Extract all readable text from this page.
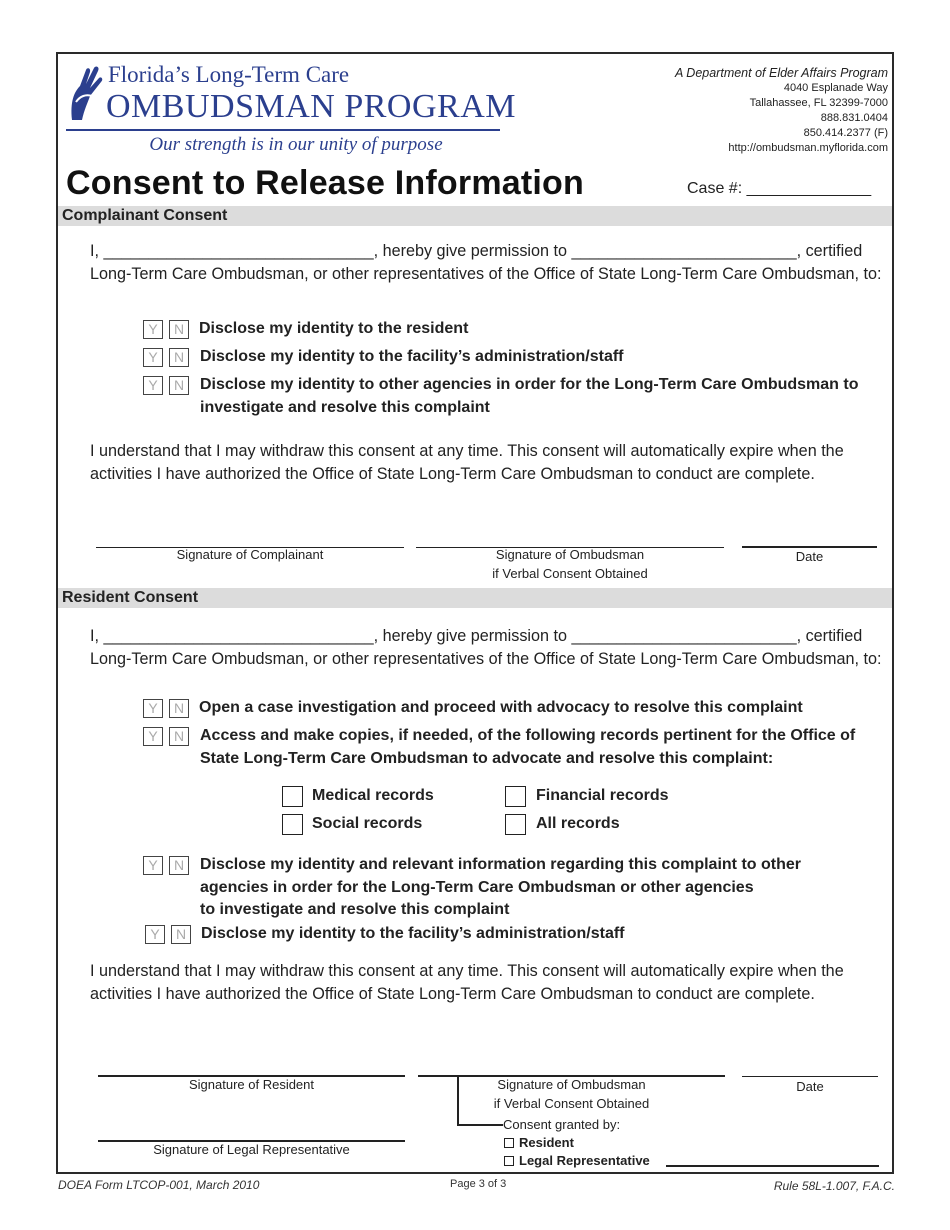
Florida’s Long-Term Care
OMBUDSMAN PROGRAM
Our strength is in our unity of purpose
A Department of Elder Affairs Program
4040 Esplanade Way
Tallahassee, FL 32399-7000
888.831.0404
850.414.2377 (F)
http://ombudsman.myflorida.com
Consent to Release Information	Case #: ______________
Complainant Consent
I, ______________________________, hereby give permission to _________________________, certified Long-Term Care Ombudsman, or other representatives of the Office of State Long-Term Care Ombudsman, to:
Y	N Disclose my identity to the resident
Y	N Disclose my identity to the facility’s administration/staff
Y	N Disclose my identity to other agencies in order for the Long-Term Care Ombudsman to investigate and resolve this complaint
I understand that I may withdraw this consent at any time. This consent will automatically expire when the activities I have authorized the Office of State Long-Term Care Ombudsman to conduct are complete.
Signature of Complainant	Signature of Ombudsman
if Verbal Consent Obtained
Date
Resident Consent
I, ______________________________, hereby give permission to _________________________, certified Long-Term Care Ombudsman, or other representatives of the Office of State Long-Term Care Ombudsman, to:
Y	N Open a case investigation and proceed with advocacy to resolve this complaint
Y	N Access and make copies, if needed, of the following records pertinent for the Office of State Long-Term Care Ombudsman to advocate and resolve this complaint:
Medical records	Financial records
Social records	All records
Y	N Disclose my identity and relevant information regarding this complaint to other
agencies in order for the Long-Term Care Ombudsman or other agencies
to investigate and resolve this complaint
Y	N Disclose my identity to the facility’s administration/staff
I understand that I may withdraw this consent at any time. This consent will automatically expire when the activities I have authorized the Office of State Long-Term Care Ombudsman to conduct are complete.
Signature of Resident	Signature of Ombudsman
if Verbal Consent Obtained
Date
Signature of Legal Representative
Consent granted by:
Resident
Legal Representative
DOEA Form LTCOP-001, March 2010	Page 3 of 3	Rule 58L-1.007, F.A.C.
